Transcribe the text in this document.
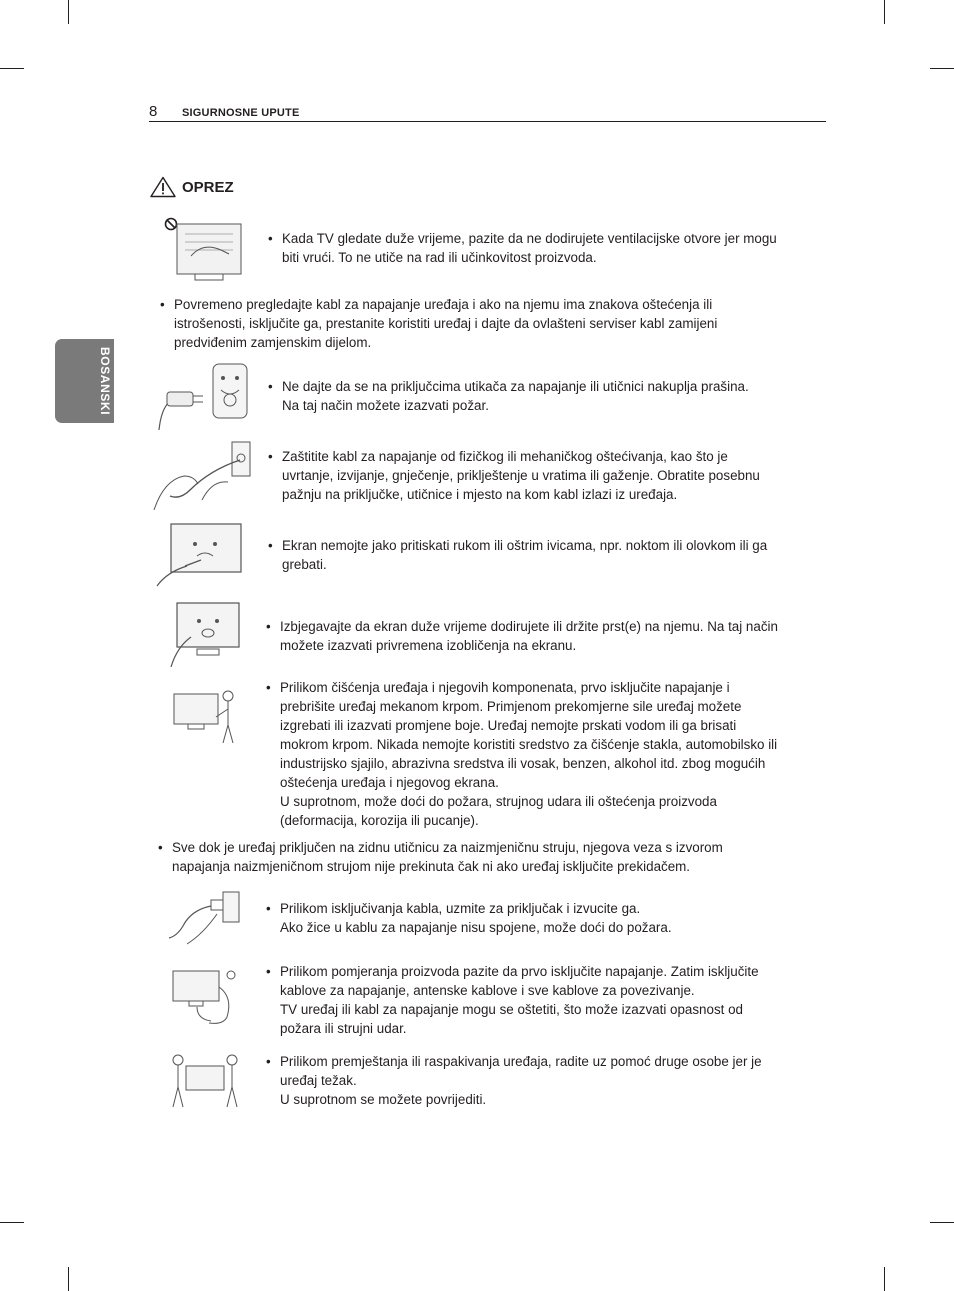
8 SIGURNOSNE UPUTE
BOSANSKI
OPREZ
• Kada TV gledate duže vrijeme, pazite da ne dodirujete ventilacijske otvore jer mogu
biti vrući. To ne utiče na rad ili učinkovitost proizvoda.
• Povremeno pregledajte kabl za napajanje uređaja i ako na njemu ima znakova oštećenja ili
istrošenosti, isključite ga, prestanite koristiti uređaj i dajte da ovlašteni serviser kabl zamijeni
predviđenim zamjenskim dijelom.
• Ne dajte da se na priključcima utikača za napajanje ili utičnici nakuplja prašina.
Na taj način možete izazvati požar.
• Zaštitite kabl za napajanje od fizičkog ili mehaničkog oštećivanja, kao što je
uvrtanje, izvijanje, gnječenje, priklještenje u vratima ili gaženje. Obratite posebnu
pažnju na priključke, utičnice i mjesto na kom kabl izlazi iz uređaja.
• Ekran nemojte jako pritiskati rukom ili oštrim ivicama, npr. noktom ili olovkom ili ga
grebati.
• Izbjegavajte da ekran duže vrijeme dodirujete ili držite prst(e) na njemu. Na taj način
možete izazvati privremena izobličenja na ekranu.
• Prilikom čišćenja uređaja i njegovih komponenata, prvo isključite napajanje i
prebrišite uređaj mekanom krpom. Primjenom prekomjerne sile uređaj možete
izgrebati ili izazvati promjene boje. Uređaj nemojte prskati vodom ili ga brisati
mokrom krpom. Nikada nemojte koristiti sredstvo za čišćenje stakla, automobilsko ili
industrijsko sjajilo, abrazivna sredstva ili vosak, benzen, alkohol itd. zbog mogućih
oštećenja uređaja i njegovog ekrana.
U suprotnom, može doći do požara, strujnog udara ili oštećenja proizvoda
(deformacija, korozija ili pucanje).
• Sve dok je uređaj priključen na zidnu utičnicu za naizmjeničnu struju, njegova veza s izvorom
napajanja naizmjeničnom strujom nije prekinuta čak ni ako uređaj isključite prekidačem.
• Prilikom isključivanja kabla, uzmite za priključak i izvucite ga.
Ako žice u kablu za napajanje nisu spojene, može doći do požara.
• Prilikom pomjeranja proizvoda pazite da prvo isključite napajanje. Zatim isključite
kablove za napajanje, antenske kablove i sve kablove za povezivanje.
TV uređaj ili kabl za napajanje mogu se oštetiti, što može izazvati opasnost od
požara ili strujni udar.
• Prilikom premještanja ili raspakivanja uređaja, radite uz pomoć druge osobe jer je
uređaj težak.
U suprotnom se možete povrijediti.
